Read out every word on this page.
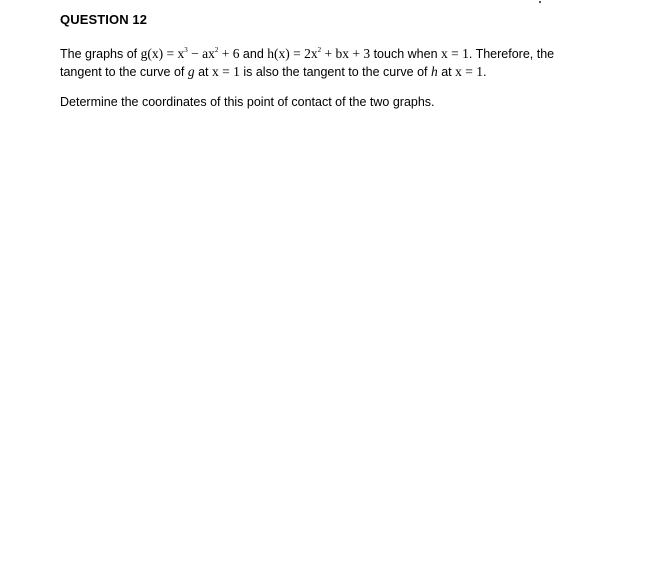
QUESTION 12
The graphs of $g(x) = x^3 - ax^2 + 6$ and $h(x) = 2x^2$ + bx + 3 touch when x = 1. Therefore, the
tangent to the curve of g at x = 1 is also the tangent to the curve of h at x = 1.
Determine the coordinates of this point of contact of the two graphs.
